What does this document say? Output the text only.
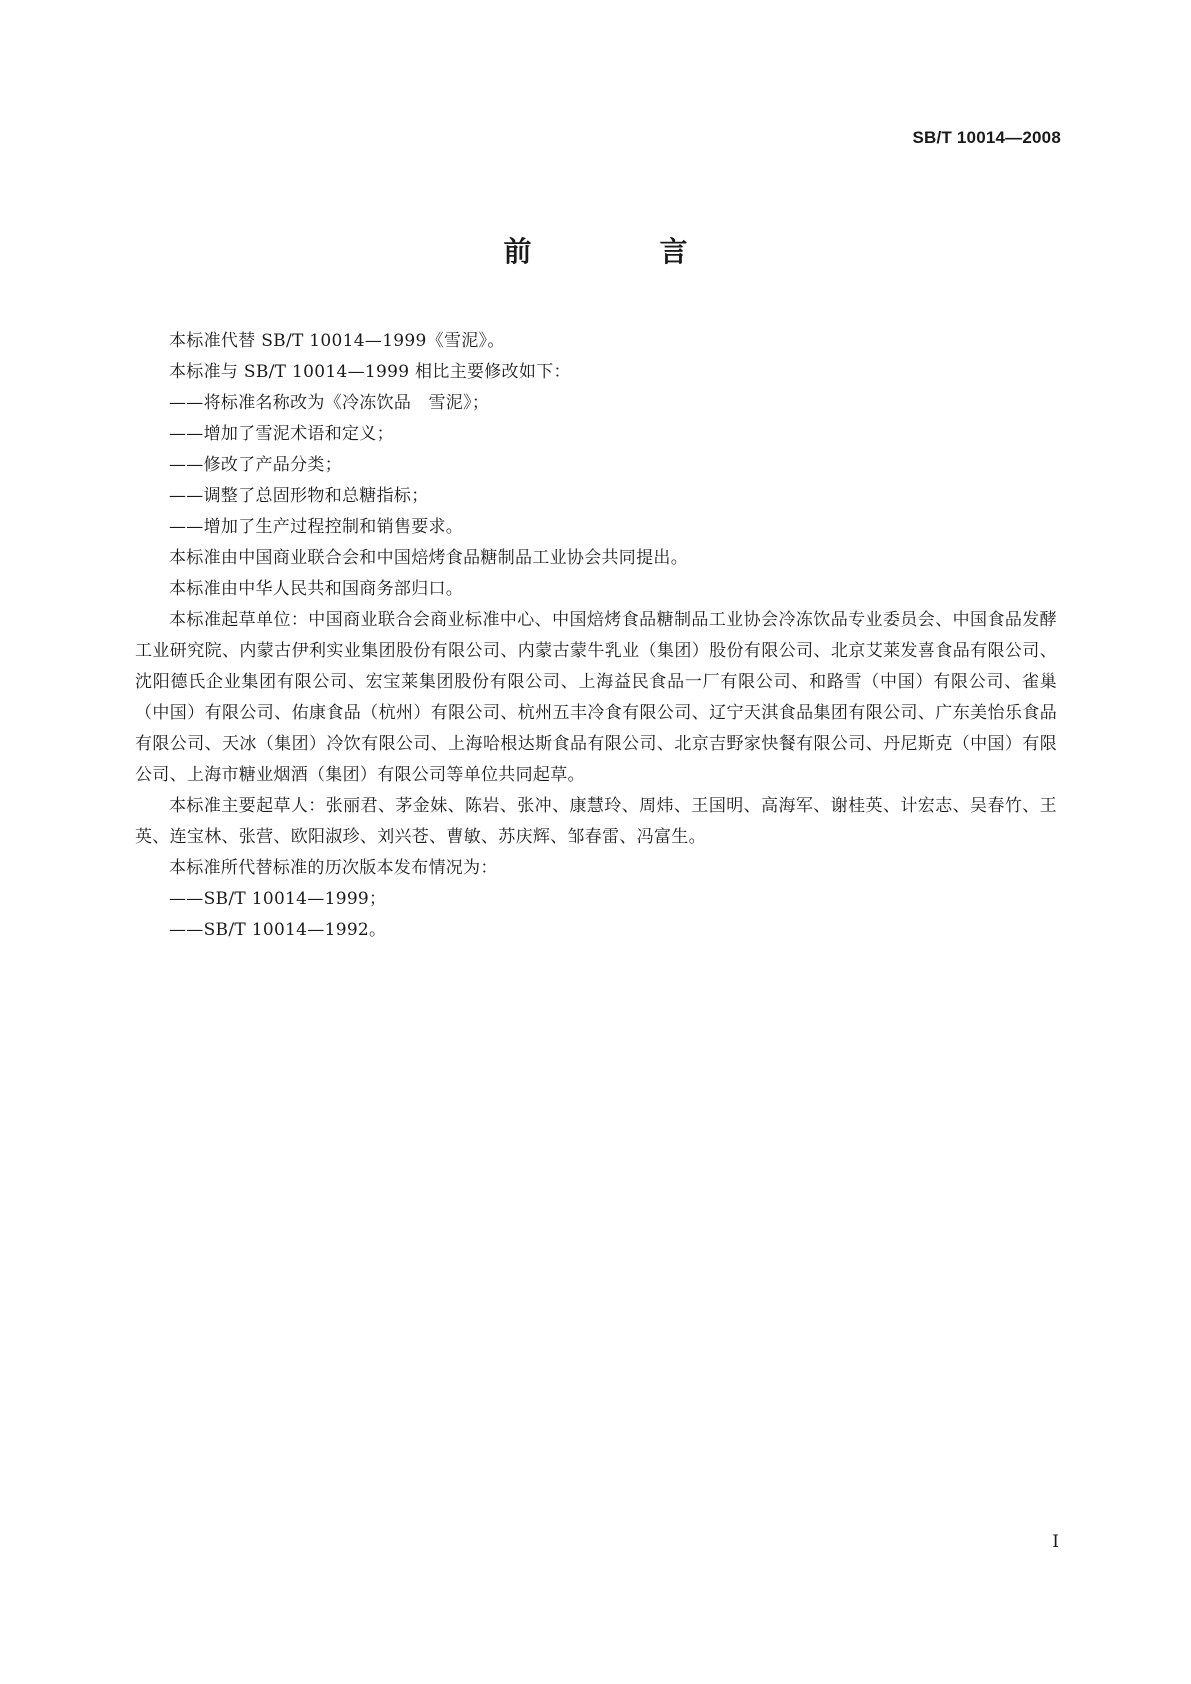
SB/T 10014—2008
前　言

本标准代替 SB/T 10014—1999《雪泥》。

本标准与 SB/T 10014—1999 相比主要修改如下：

——将标准名称改为《冷冻饮品　雪泥》；

——增加了雪泥术语和定义；

——修改了产品分类；

——调整了总固形物和总糖指标；

——增加了生产过程控制和销售要求。

本标准由中国商业联合会和中国焙烤食品糖制品工业协会共同提出。

本标准由中华人民共和国商务部归口。

本标准起草单位：中国商业联合会商业标准中心、中国焙烤食品糖制品工业协会冷冻饮品专业委员会、中国食品发酵工业研究院、内蒙古伊利实业集团股份有限公司、内蒙古蒙牛乳业（集团）股份有限公司、北京艾莱发喜食品有限公司、沈阳德氏企业集团有限公司、宏宝莱集团股份有限公司、上海益民食品一厂有限公司、和路雪（中国）有限公司、雀巢（中国）有限公司、佑康食品（杭州）有限公司、杭州五丰冷食有限公司、辽宁天淇食品集团有限公司、广东美怡乐食品有限公司、天冰（集团）冷饮有限公司、上海哈根达斯食品有限公司、北京吉野家快餐有限公司、丹尼斯克（中国）有限公司、上海市糖业烟酒（集团）有限公司等单位共同起草。

本标准主要起草人：张丽君、茅金妹、陈岩、张冲、康慧玲、周炜、王国明、高海军、谢桂英、计宏志、吴春竹、王英、连宝林、张营、欧阳淑珍、刘兴苍、曹敏、苏庆辉、邹春雷、冯富生。

本标准所代替标准的历次版本发布情况为：

——SB/T 10014—1999；

——SB/T 10014—1992。

I
